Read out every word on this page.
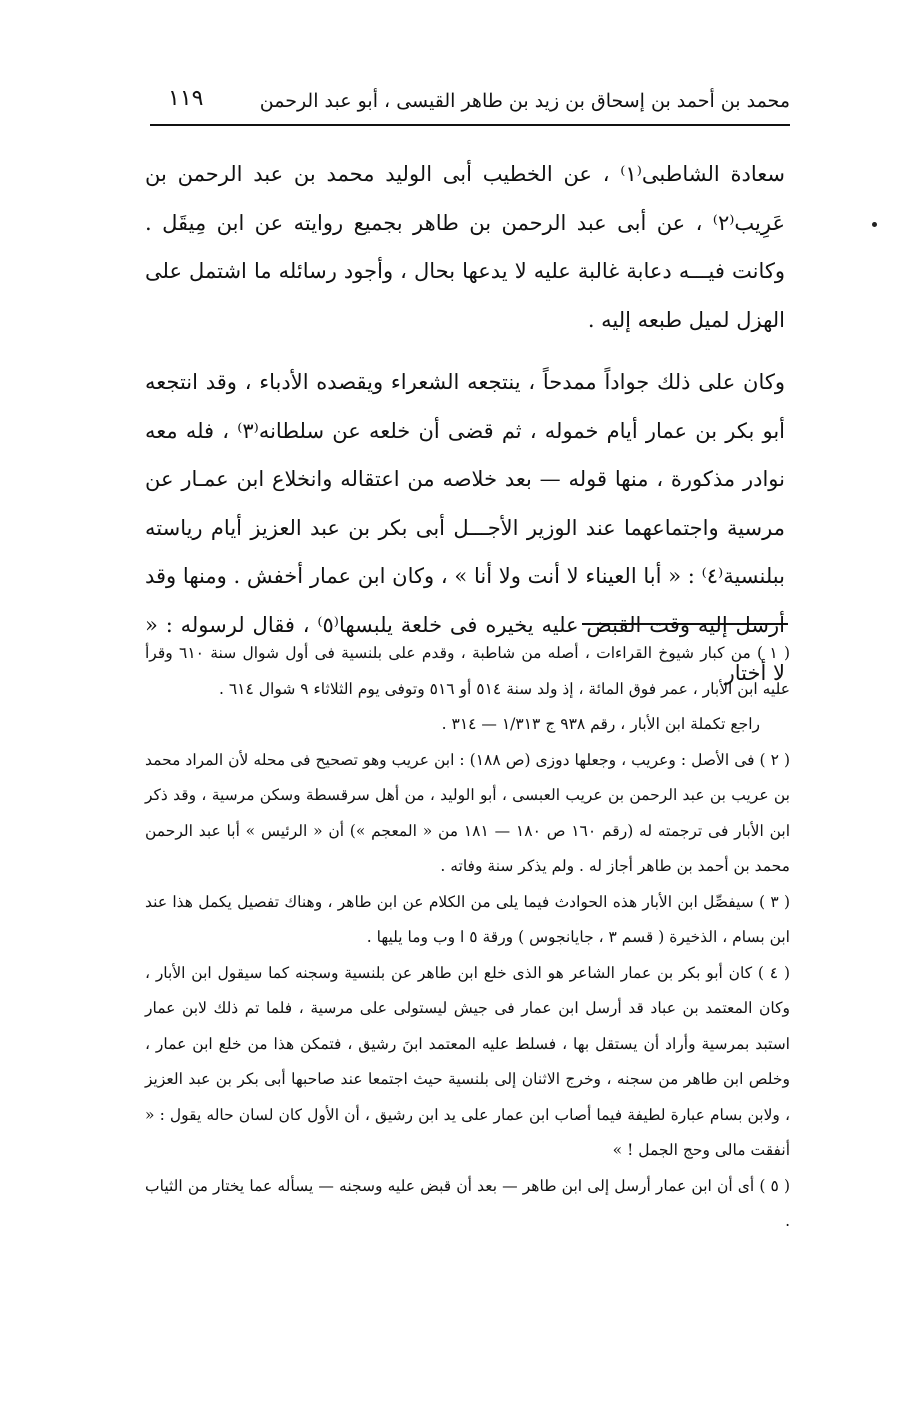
محمد بن أحمد بن إسحاق بن زيد بن طاهر القيسى ، أبو عبد الرحمن
١١٩

سعادة الشاطبى⁽١⁾ ، عن الخطيب أبى الوليد محمد بن عبد الرحمن بن عَرِيب⁽٢⁾ ، عن أبى عبد الرحمن بن طاهر بجميع روايته عن ابن مِيقَل . وكانت فيـــه دعابة غالبة عليه لا يدعها بحال ، وأجود رسائله ما اشتمل على الهزل لميل طبعه إليه .

وكان على ذلك جواداً ممدحاً ، ينتجعه الشعراء ويقصده الأدباء ، وقد انتجعه أبو بكر بن عمار أيام خموله ، ثم قضى أن خلعه عن سلطانه⁽٣⁾ ، فله معه نوادر مذكورة ، منها قوله — بعد خلاصه من اعتقاله وانخلاع ابن عمـار عن مرسية واجتماعهما عند الوزير الأجـــل أبى بكر بن عبد العزيز أيام رياسته ببلنسية⁽٤⁾ : « أبا العيناء لا أنت ولا أنا » ، وكان ابن عمار أخفش . ومنها وقد أرسل إليه وقت القبض عليه يخيره فى خلعة يلبسها⁽٥⁾ ، فقال لرسوله : « لا أختار

( ١ ) من كبار شيوخ القراءات ، أصله من شاطبة ، وقدم على بلنسية فى أول شوال سنة ٦١٠ وقرأ عليه ابن الأبار ، عمر فوق المائة ، إذ ولد سنة ٥١٤ أو ٥١٦ وتوفى يوم الثلاثاء ٩ شوال ٦١٤ .

راجع تكملة ابن الأبار ، رقم ٩٣٨ ج ١/٣١٣ — ٣١٤ .

( ٢ ) فى الأصل : وعريب ، وجعلها دوزى (ص ١٨٨) : ابن عريب وهو تصحيح فى محله لأن المراد محمد بن عريب بن عبد الرحمن بن عريب العبسى ، أبو الوليد ، من أهل سرقسطة وسكن مرسية ، وقد ذكر ابن الأبار فى ترجمته له (رقم ١٦٠ ص ١٨٠ — ١٨١ من « المعجم ») أن « الرئيس » أبا عبد الرحمن محمد بن أحمد بن طاهر أجاز له . ولم يذكر سنة وفاته .

( ٣ ) سيفصِّل ابن الأبار هذه الحوادث فيما يلى من الكلام عن ابن طاهر ، وهناك تفصيل يكمل هذا عند ابن بسام ، الذخيرة ( قسم ٣ ، جايانجوس ) ورقة ٥ ا وب وما يليها .

( ٤ ) كان أبو بكر بن عمار الشاعر هو الذى خلع ابن طاهر عن بلنسية وسجنه كما سيقول ابن الأبار ، وكان المعتمد بن عباد قد أرسل ابن عمار فى جيش ليستولى على مرسية ، فلما تم ذلك لابن عمار استبد بمرسية وأراد أن يستقل بها ، فسلط عليه المعتمد ابنَ رشيق ، فتمكن هذا من خلع ابن عمار ، وخلص ابن طاهر من سجنه ، وخرج الاثنان إلى بلنسية حيث اجتمعا عند صاحبها أبى بكر بن عبد العزيز ، ولابن بسام عبارة لطيفة فيما أصاب ابن عمار على يد ابن رشيق ، أن الأول كان لسان حاله يقول : « أنفقت مالى وحج الجمل ! »

( ٥ ) أى أن ابن عمار أرسل إلى ابن طاهر — بعد أن قبض عليه وسجنه — يسأله عما يختار من الثياب .
